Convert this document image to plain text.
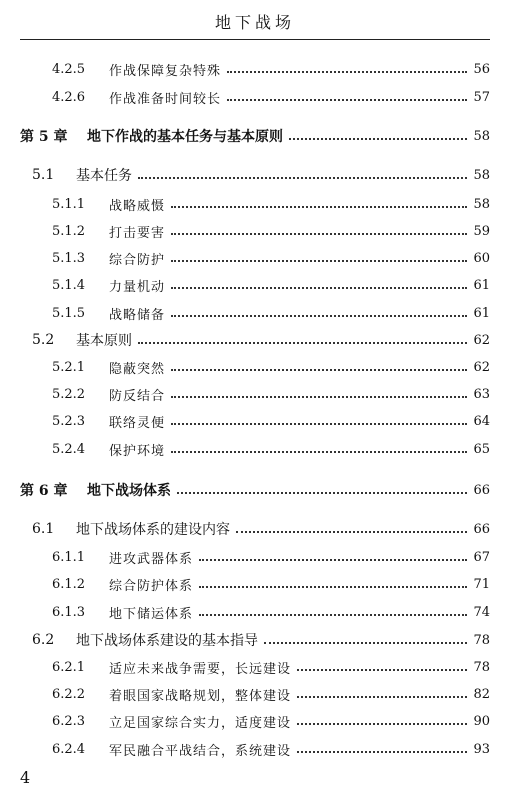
地下战场
4.2.5	作战保障复杂特殊	56
4.2.6	作战准备时间较长	57
第 5 章	地下作战的基本任务与基本原则	58
5.1	基本任务	58
5.1.1	战略威慑	58
5.1.2	打击要害	59
5.1.3	综合防护	60
5.1.4	力量机动	61
5.1.5	战略储备	61
5.2	基本原则	62
5.2.1	隐蔽突然	62
5.2.2	防反结合	63
5.2.3	联络灵便	64
5.2.4	保护环境	65
第 6 章	地下战场体系	66
6.1	地下战场体系的建设内容	66
6.1.1	进攻武器体系	67
6.1.2	综合防护体系	71
6.1.3	地下储运体系	74
6.2	地下战场体系建设的基本指导	78
6.2.1	适应未来战争需要，长远建设	78
6.2.2	着眼国家战略规划，整体建设	82
6.2.3	立足国家综合实力，适度建设	90
6.2.4	军民融合平战结合，系统建设	93
4
